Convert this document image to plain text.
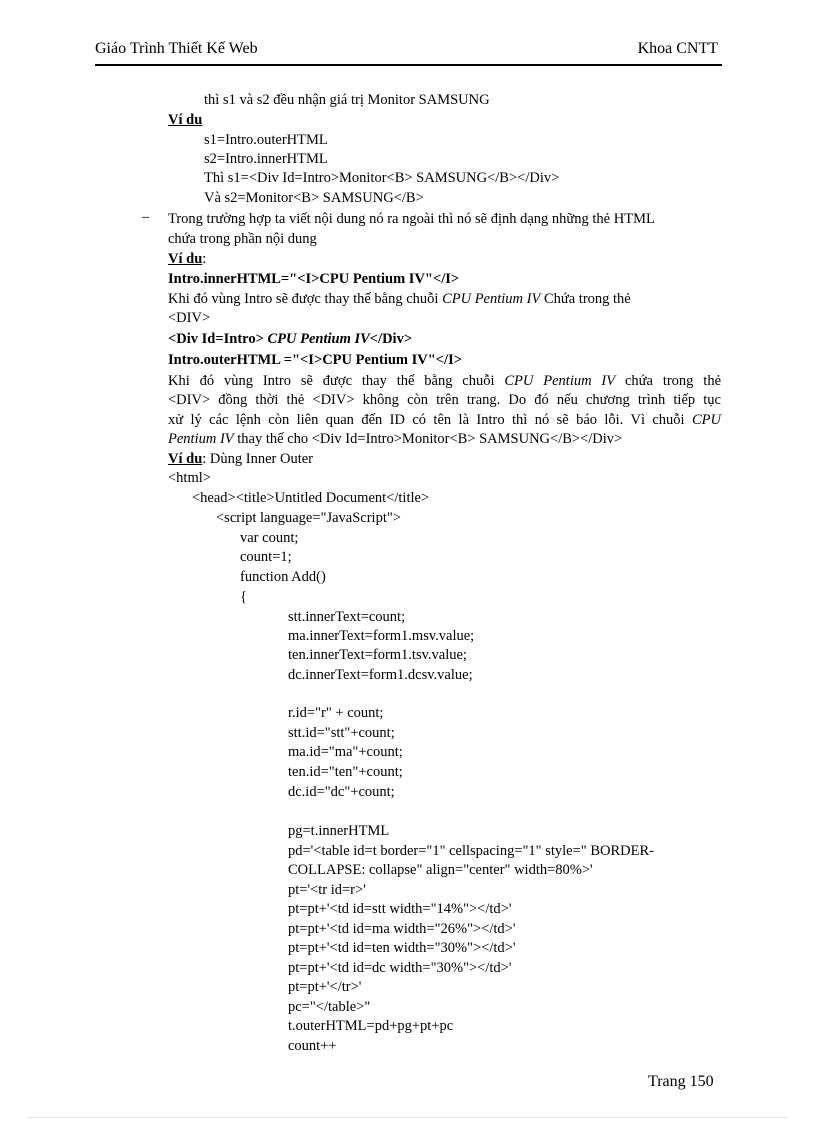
Giáo Trình Thiết Kế Web	Khoa CNTT
thì s1 và s2 đều nhận giá trị Monitor SAMSUNG
Ví du
s1=Intro.outerHTML
s2=Intro.innerHTML
Thì s1=<Div Id=Intro>Monitor<B> SAMSUNG</B></Div>
Và s2=Monitor<B> SAMSUNG</B>
– Trong trường hợp ta viết nội dung nó ra ngoài thì nó sẽ định dạng những thẻ HTML
chứa trong phần nội dung
Ví du:
Intro.innerHTML="<I>CPU Pentium IV"</I>
Khi đó vùng Intro sẽ được thay thế bằng chuỗi CPU Pentium IV Chứa trong thẻ
<DIV>
<Div Id=Intro> CPU Pentium IV</Div>
Intro.outerHTML ="<I>CPU Pentium IV"</I>
Khi đó vùng Intro sẽ được thay thế bằng chuỗi CPU Pentium IV chứa trong thẻ
<DIV> đồng thời thẻ <DIV> không còn trên trang. Do đó nếu chương trình tiếp tục
xử lý các lệnh còn liên quan đến ID có tên là Intro thì nó sẽ báo lỗi. Vì chuỗi CPU
Pentium IV thay thế cho <Div Id=Intro>Monitor<B> SAMSUNG</B></Div>
Ví du: Dùng Inner Outer
<html>
<head><title>Untitled Document</title>
<script language="JavaScript">
var count;
count=1;
function Add()
{
stt.innerText=count;
ma.innerText=form1.msv.value;
ten.innerText=form1.tsv.value;
dc.innerText=form1.dcsv.value;
r.id="r" + count;
stt.id="stt"+count;
ma.id="ma"+count;
ten.id="ten"+count;
dc.id="dc"+count;
pg=t.innerHTML
pd='<table id=t border="1" cellspacing="1" style=" BORDER-
COLLAPSE: collapse" align="center" width=80%>'
pt='<tr id=r>'
pt=pt+'<td id=stt width="14%"></td>'
pt=pt+'<td id=ma width="26%"></td>'
pt=pt+'<td id=ten width="30%"></td>'
pt=pt+'<td id=dc width="30%"></td>'
pt=pt+'</tr>'
pc="</table>"
t.outerHTML=pd+pg+pt+pc
count++
Trang 150
